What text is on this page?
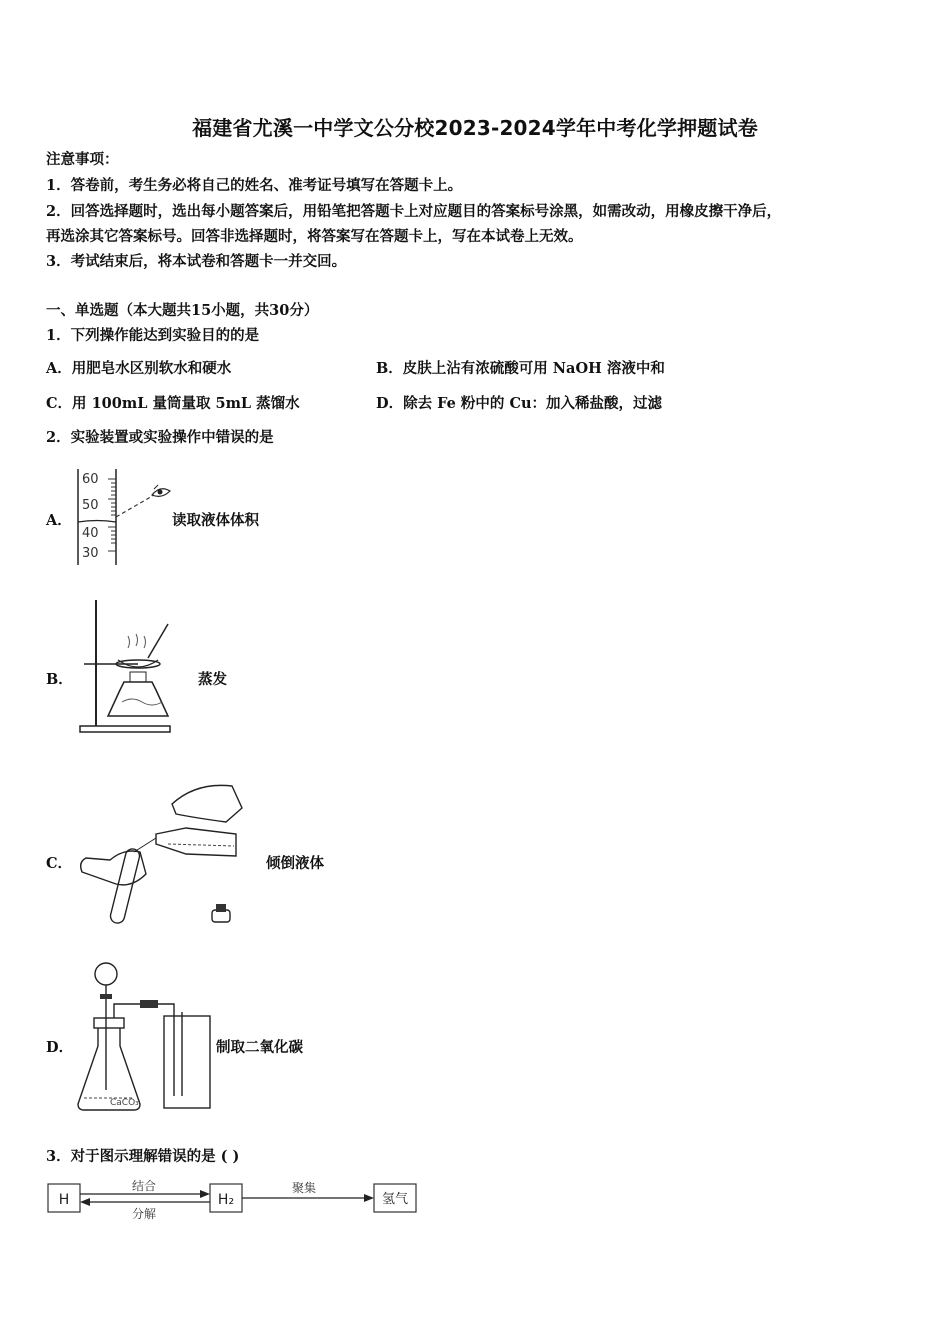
福建省尤溪一中学文公分校2023-2024学年中考化学押题试卷
注意事项：
1．答卷前，考生务必将自己的姓名、准考证号填写在答题卡上。
2．回答选择题时，选出每小题答案后，用铅笔把答题卡上对应题目的答案标号涂黑，如需改动，用橡皮擦干净后，
再选涂其它答案标号。回答非选择题时，将答案写在答题卡上，写在本试卷上无效。
3．考试结束后，将本试卷和答题卡一并交回。
一、单选题（本大题共15小题，共30分）
1．下列操作能达到实验目的的是
A．用肥皂水区别软水和硬水	B．皮肤上沾有浓硫酸可用 NaOH 溶液中和
C．用 100mL 量筒量取 5mL 蒸馏水	D．除去 Fe 粉中的 Cu：加入稀盐酸，过滤
2．实验装置或实验操作中错误的是
A．
60
50
40
30
读取液体体积
B．	蒸发
C．	倾倒液体
D．
CaCO₃
制取二氧化碳
3．对于图示理解错误的是 ( )
H	H₂	氢气
结合
分解
聚集
